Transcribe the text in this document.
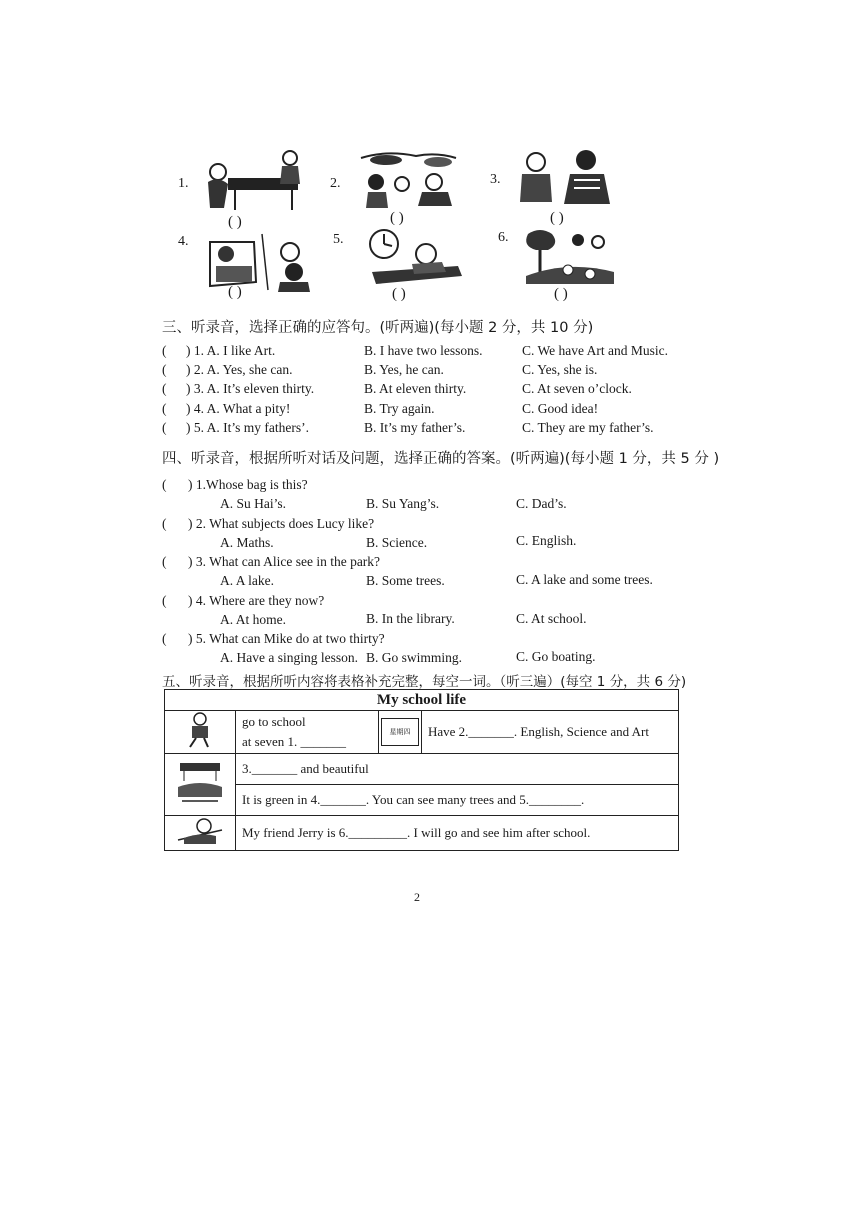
1.
( )
2.
( )
3.
( )
4.
( )
5.
( )
6.
( )
三、听录音，选择正确的应答句。(听两遍)(每小题 2 分，共 10 分)
( ) 1. A. I like Art.	B. I have two lessons.	C. We have Art and Music.
( ) 2. A. Yes, she can.	B. Yes, he can.	C. Yes, she is.
( ) 3. A. It’s eleven thirty.	B. At eleven thirty.	C. At seven o’clock.
( ) 4. A. What a pity!	B. Try again.	C. Good idea!
( ) 5. A. It’s my fathers’.	B. It’s my father’s.	C. They are my father’s.
四、听录音，根据所听对话及问题，选择正确的答案。(听两遍)(每小题 1 分，共 5 分 )
( ) 1.Whose bag is this?
A. Su Hai’s.	B. Su Yang’s.	C. Dad’s.
( ) 2. What subjects does Lucy like?
A. Maths.	B. Science.	C. English.
( ) 3. What can Alice see in the park?
A. A lake.	B. Some trees.	C. A lake and some trees.
( ) 4. Where are they now?
A. At home.	B. In the library.	C. At school.
( ) 5. What can Mike do at two thirty?
A. Have a singing lesson. B. Go swimming.	C. Go boating.
五、听录音，根据所听内容将表格补充完整，每空一词。（听三遍）(每空 1 分，共 6 分)
My school life			

go to school
at seven 1. _______	星期四	Have 2._______. English, Science and Art
	3._______ and beautiful		
	It is green in 4._______. You can see many trees and 5.________.		
	My friend Jerry is 6._________. I will go and see him after school.		
2
